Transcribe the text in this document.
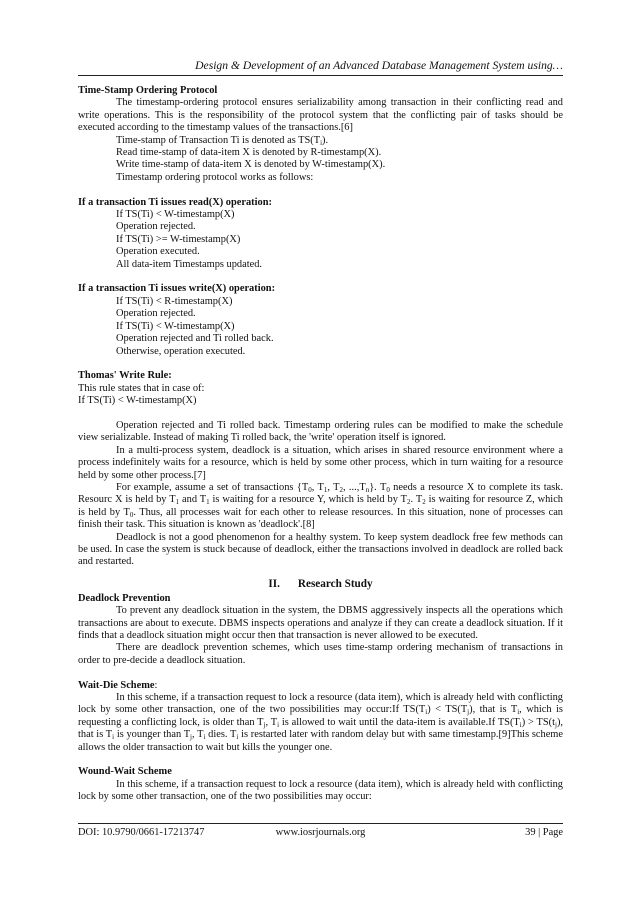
Design & Development of an Advanced Database Management System using…

Time-Stamp Ordering Protocol

The timestamp-ordering protocol ensures serializability among transaction in their conflicting read and write operations. This is the responsibility of the protocol system that the conflicting pair of tasks should be executed according to the timestamp values of the transactions.[6]

Time-stamp of Transaction Ti is denoted as $TS(T_i)$.

Read time-stamp of data-item X is denoted by R-timestamp(X).

Write time-stamp of data-item X is denoted by W-timestamp(X).

Timestamp ordering protocol works as follows:

If a transaction Ti issues read(X) operation:

If TS(Ti) < W-timestamp(X)

Operation rejected.

If TS(Ti) >= W-timestamp(X)

Operation executed.

All data-item Timestamps updated.

If a transaction Ti issues write(X) operation:

If TS(Ti) < R-timestamp(X)

Operation rejected.

If TS(Ti) < W-timestamp(X)

Operation rejected and Ti rolled back.

Otherwise, operation executed.

Thomas' Write Rule:

This rule states that in case of:

If TS(Ti) < W-timestamp(X)

Operation rejected and Ti rolled back. Timestamp ordering rules can be modified to make the schedule view serializable. Instead of making Ti rolled back, the 'write' operation itself is ignored.

In a multi-process system, deadlock is a situation, which arises in shared resource environment where a process indefinitely waits for a resource, which is held by some other process, which in turn waiting for a resource held by some other process.[7]

For example, assume a set of transactions {$T_0$, $T_1$, $T_2$, $...,T_n$}. $T_0$ needs a resource X to complete its task. Resourc X is held by $T_1$ and $T_1$ is waiting for a resource Y, which is held by $T_2$. $T_2$ is waiting for resource Z, which is held by $T_0$. Thus, all processes wait for each other to release resources. In this situation, none of processes can finish their task. This situation is known as 'deadlock'.[8]

Deadlock is not a good phenomenon for a healthy system. To keep system deadlock free few methods can be used. In case the system is stuck because of deadlock, either the transactions involved in deadlock are rolled back and restarted.

II. Research Study

Deadlock Prevention

To prevent any deadlock situation in the system, the DBMS aggressively inspects all the operations which transactions are about to execute. DBMS inspects operations and analyze if they can create a deadlock situation. If it finds that a deadlock situation might occur then that transaction is never allowed to be executed.

There are deadlock prevention schemes, which uses time-stamp ordering mechanism of transactions in order to pre-decide a deadlock situation.

Wait-Die Scheme:

In this scheme, if a transaction request to lock a resource (data item), which is already held with conflicting lock by some other transaction, one of the two possibilities may occur:If $TS(T_i) < TS(T_j)$, that is $T_i$, which is requesting a conflicting lock, is older than $T_j$, $T_i$ is allowed to wait until the data-item is available.If $TS(T_i) > TS(t_j)$, that is $T_i$ is younger than $T_j$, $T_i$ dies. $T_i$ is restarted later with random delay but with same timestamp.[9]This scheme allows the older transaction to wait but kills the younger one.

Wound-Wait Scheme

In this scheme, if a transaction request to lock a resource (data item), which is already held with conflicting lock by some other transaction, one of the two possibilities may occur:

DOI: 10.9790/0661-17213747	www.iosrjournals.org	39 | Page
